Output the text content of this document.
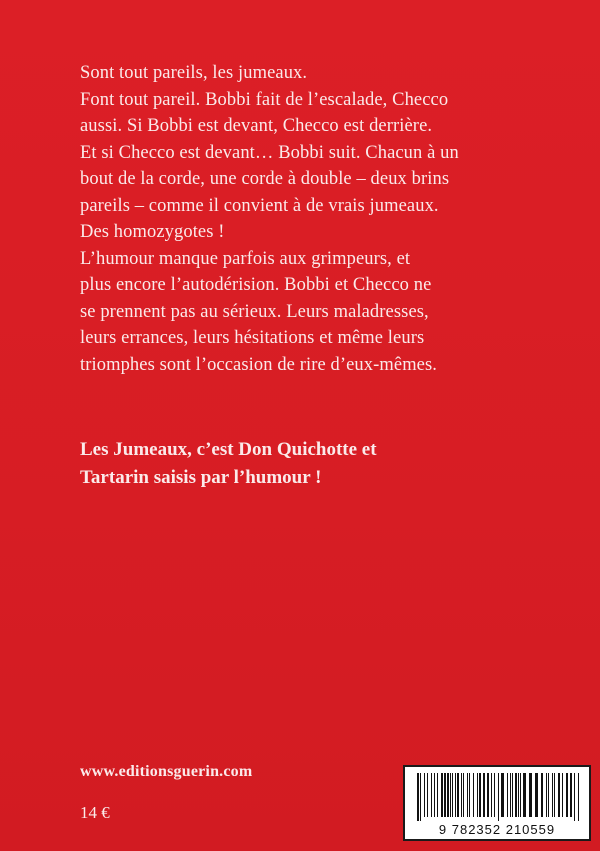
Sont tout pareils, les jumeaux.

Font tout pareil. Bobbi fait de l’escalade, Checco

aussi. Si Bobbi est devant, Checco est derrière.

Et si Checco est devant… Bobbi suit. Chacun à un

bout de la corde, une corde à double – deux brins

pareils – comme il convient à de vrais jumeaux.

Des homozygotes !

L’humour manque parfois aux grimpeurs, et

plus encore l’autodérision. Bobbi et Checco ne

se prennent pas au sérieux. Leurs maladresses,

leurs errances, leurs hésitations et même leurs

triomphes sont l’occasion de rire d’eux-mêmes.

Les Jumeaux, c’est Don Quichotte et

Tartarin saisis par l’humour !

www.editionsguerin.com
14 €
9 782352 210559
